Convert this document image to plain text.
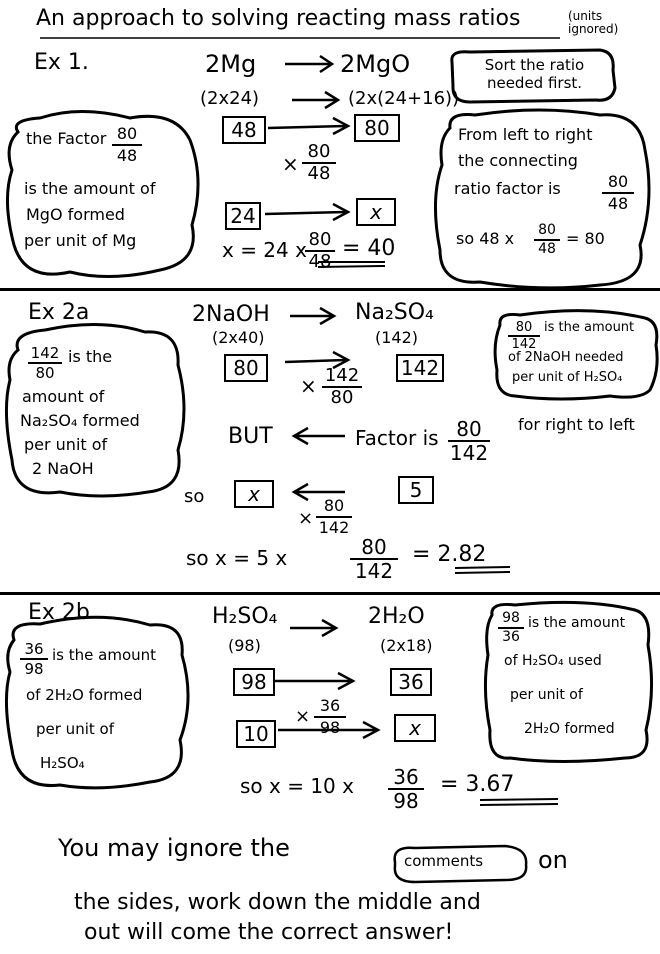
An approach to solving reacting mass ratios	(units ignored)
Ex 1.	2Mg	2MgO
(2x24)	(2x(24+16))
Sort the ratio needed first.
48	80
× $\frac{80}{48}$
24	x
x = 24 x
$\frac{80}{48} = 40$
the Factor $\frac{80}{48}$
is the amount of
MgO formed
per unit of Mg
From left to right
the connecting
ratio factor is	$\frac{80}{48}$
so 48 x $\frac{80}{48} = 80$
Ex 2a	2NaOH	Na₂SO₄
(2x40)	(142)
80	142
× $\frac{142}{80}$
BUT	Factor is $\frac{80}{142}$ for right to left
so	x	5
× $\frac{80}{142}$
so x = 5 x	$\frac{80}{142} = 2.82$
$\frac{142}{80}$ is the
amount of
Na₂SO₄ formed
per unit of
2 NaOH
$\frac{80}{142}$ is the amount
of 2NaOH needed
per unit of H₂SO₄
Ex 2b	H₂SO₄	2H₂O
(98)	(2x18)
98	36
10	x
× $\frac{36}{98}$
so x = 10 x $\frac{36}{98} = 3.67$
$\frac{36}{98}$ is the amount
of 2H₂O formed
per unit of
H₂SO₄
$\frac{98}{36}$ is the amount
of H₂SO₄ used
per unit of
2H₂O formed
You may ignore the	comments on
the sides, work down the middle and
out will come the correct answer!
